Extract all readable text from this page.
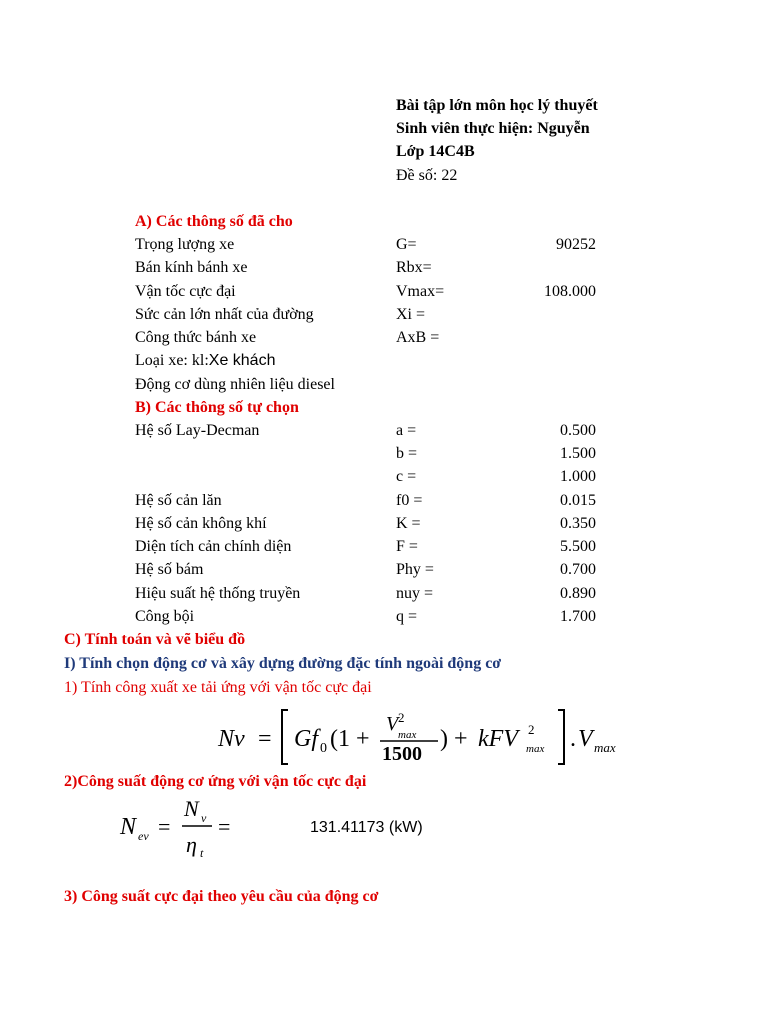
Bài tập lớn môn học lý thuyết
Sinh viên thực hiện: Nguyễn
Lớp 14C4B
Đề số: 22
A) Các thông số đã cho
Trọng lượng xe	G=	90252
Bán kính bánh xe	Rbx=
Vận tốc cực đại	Vmax=	108.000
Sức cản lớn nhất của đường	Xi =
Công thức bánh xe	AxB =
Loại xe: kl:Xe khách
Động cơ dùng nhiên liệu diesel
B) Các thông số tự chọn
Hệ số Lay-Decman	a =	0.500
b =	1.500
c =	1.000
Hệ số cản lăn	f0 =	0.015
Hệ số cản không khí	K =	0.350
Diện tích cản chính diện	F =	5.500
Hệ số bám	Phy =	0.700
Hiệu suất hệ thống truyền	nuy =	0.890
Công bội	q =	1.700
C) Tính toán và vẽ biểu đồ
I) Tính chọn động cơ và xây dựng đường đặc tính ngoài động cơ
1) Tính công xuất xe tải ứng với vận tốc cực đại
Nv = Gf 0 (1 +
V 2
max
1500
) + kFV 2
max . V max
2)Công suất động cơ ứng với vận tốc cực đại
N ev =
N v
η t
=	131.41173 (kW)
3) Công suất cực đại theo yêu cầu của động cơ
